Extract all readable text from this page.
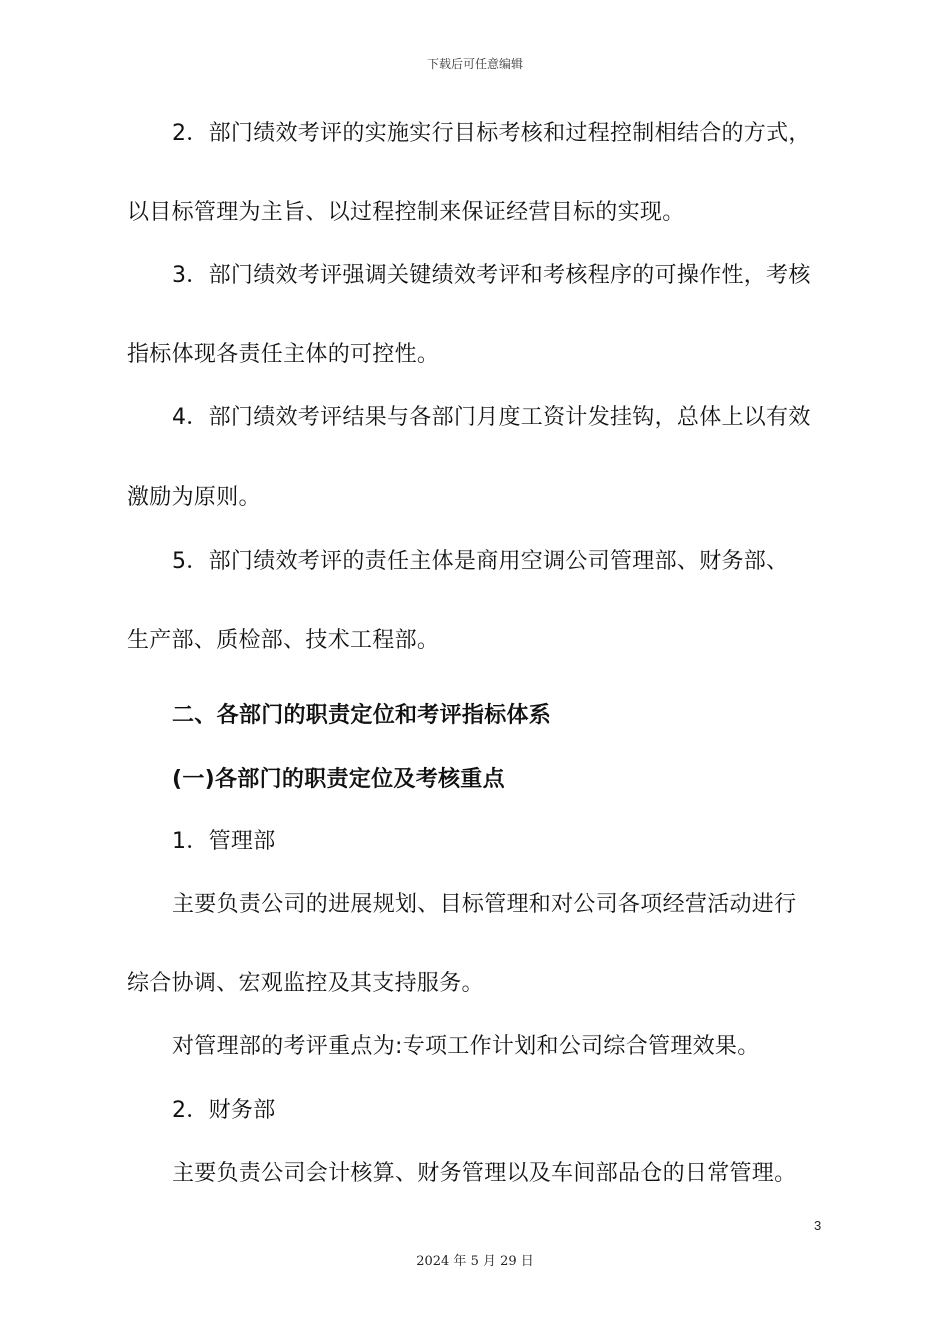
下载后可任意编辑
2．部门绩效考评的实施实行目标考核和过程控制相结合的方式，
以目标管理为主旨、以过程控制来保证经营目标的实现。
3．部门绩效考评强调关键绩效考评和考核程序的可操作性，考核
指标体现各责任主体的可控性。
4．部门绩效考评结果与各部门月度工资计发挂钩，总体上以有效
激励为原则。
5．部门绩效考评的责任主体是商用空调公司管理部、财务部、
生产部、质检部、技术工程部。
二、各部门的职责定位和考评指标体系
(一)各部门的职责定位及考核重点
1．管理部
主要负责公司的进展规划、目标管理和对公司各项经营活动进行
综合协调、宏观监控及其支持服务。
对管理部的考评重点为:专项工作计划和公司综合管理效果。
2．财务部
主要负责公司会计核算、财务管理以及车间部品仓的日常管理。
3
2024 年 5 月 29 日
